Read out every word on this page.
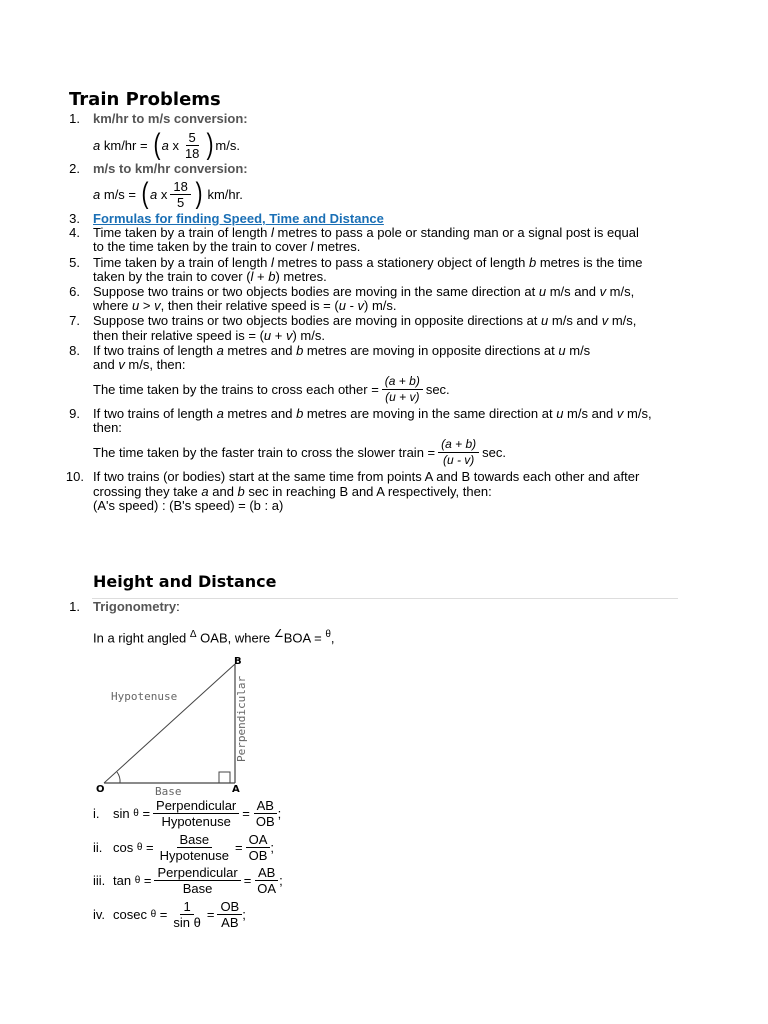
Train Problems
1. km/hr to m/s conversion:
a
km/hr = ( a
x $\frac{5}{18}$ ) m/s.
2. m/s to km/hr conversion:
a
m/s = ( a
x $\frac{18}{5}$ )
km/hr.
3. Formulas for finding Speed, Time and Distance
4. Time taken by a train of length l metres to pass a pole or standing man or a signal post is equal
to the time taken by the train to cover l metres.
5. Time taken by a train of length l metres to pass a stationery object of length b metres is the time
taken by the train to cover (l + b) metres.
6. Suppose two trains or two objects bodies are moving in the same direction at u m/s and v m/s,
where u > v, then their relative speed is = (u - v) m/s.
7. Suppose two trains or two objects bodies are moving in opposite directions at u m/s and v m/s,
then their relative speed is = (u + v) m/s.
8. If two trains of length a metres and b metres are moving in opposite directions at u m/s
and v m/s, then:
The time taken by the trains to cross each other = $\frac{(a + b)}{(u + v)} \sec$.
9. If two trains of length a metres and b metres are moving in the same direction at u m/s and v m/s,
then:
The time taken by the faster train to cross the slower train = $\frac{(a + b)}{(u - v)} \sec$.
10. If two trains (or bodies) start at the same time from points A and B towards each other and after
crossing they take a and b sec in reaching B and A respectively, then:
(A's speed) : (B's speed) = (b : a)
Height and Distance
1. Trigonometry:
In a right angled $^\Delta$ OAB, where ∠BOA = $^\theta$,
B
O	A
Hypotenuse
Base
Perpendicular
i.	sin
θ
= $\frac{\text{Perpendicular}}{\text{Hypotenuse}} = \frac{AB}{OB}$ ;
ii. cos
θ
= $\frac{\text{Base}}{\text{Hypotenuse}} = \frac{OA}{OB}$ ;
iii. tan
θ
= $\frac{\text{Perpendicular}}{\text{Base}} = \frac{AB}{OA}$ ;
iv. cosec
θ
= $\frac{1}{\text{sin θ}} = \frac{OB}{AB}$ ;
